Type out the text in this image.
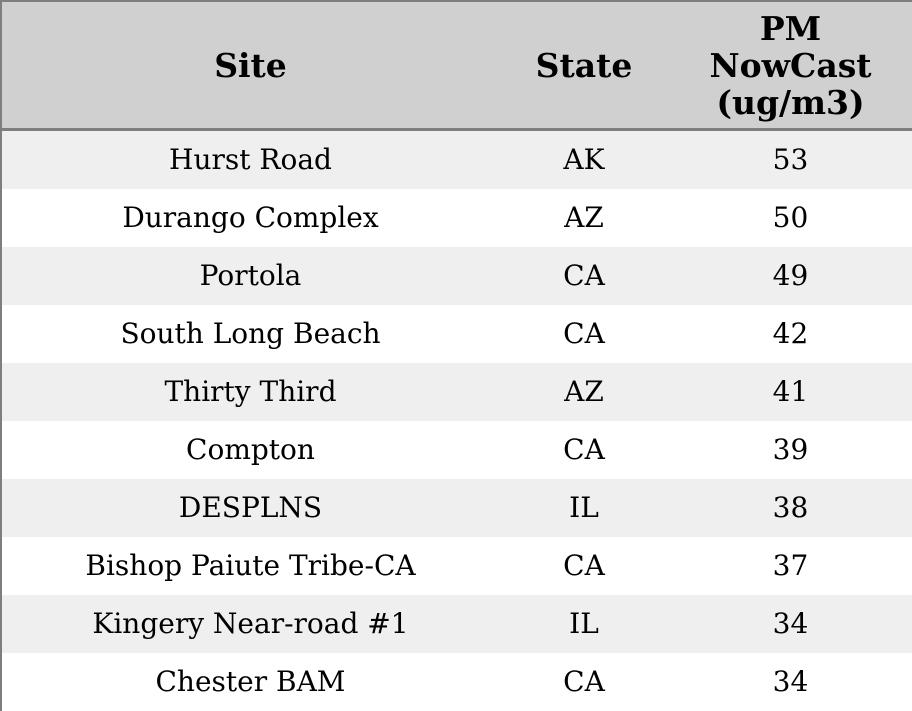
Site	State	PM NowCast (ug/m3)
Hurst Road	AK	53
Durango Complex	AZ	50
Portola	CA	49
South Long Beach	CA	42
Thirty Third	AZ	41
Compton	CA	39
DESPLNS	IL	38
Bishop Paiute Tribe-CA	CA	37
Kingery Near-road #1	IL	34
Chester BAM	CA	34
